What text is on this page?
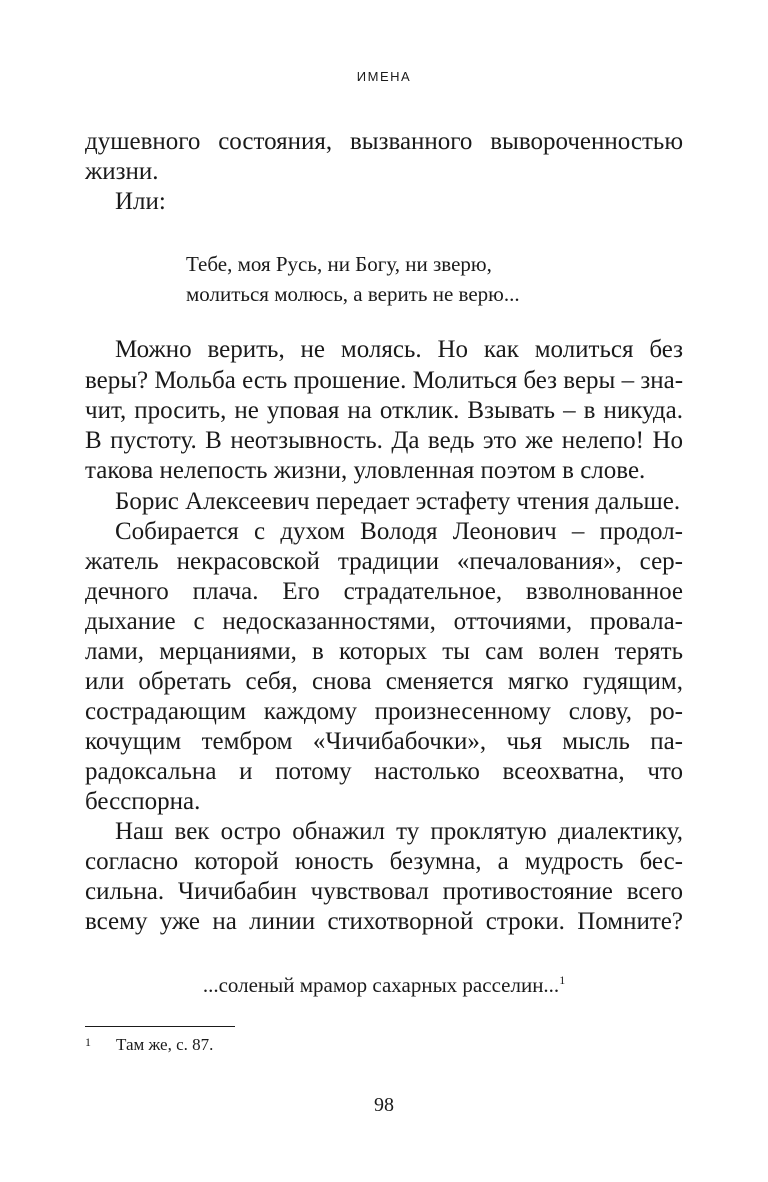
ИМЕНА
душевного состояния, вызванного вывороченностью
жизни.
Или:
Тебе, моя Русь, ни Богу, ни зверю,
молиться молюсь, а верить не верю...
Можно верить, не молясь. Но как молиться без
веры? Мольба есть прошение. Молиться без веры – зна-
чит, просить, не уповая на отклик. Взывать – в никуда.
В пустоту. В неотзывность. Да ведь это же нелепо! Но
такова нелепость жизни, уловленная поэтом в слове.
Борис Алексеевич передает эстафету чтения дальше.
Собирается с духом Володя Леонович – продол-
жатель некрасовской традиции «печалования», сер-
дечного плача. Его страдательное, взволнованное
дыхание с недосказанностями, отточиями, провала-
лами, мерцаниями, в которых ты сам волен терять
или обретать себя, снова сменяется мягко гудящим,
сострадающим каждому произнесенному слову, ро-
кочущим тембром «Чичибабочки», чья мысль па-
радоксальна и потому настолько всеохватна, что
бесспорна.
Наш век остро обнажил ту проклятую диалектику,
согласно которой юность безумна, а мудрость бес-
сильна. Чичибабин чувствовал противостояние всего
всему уже на линии стихотворной строки. Помните?
...соленый мрамор сахарных расселин...$^1$
1 Там же, с. 87.
98
